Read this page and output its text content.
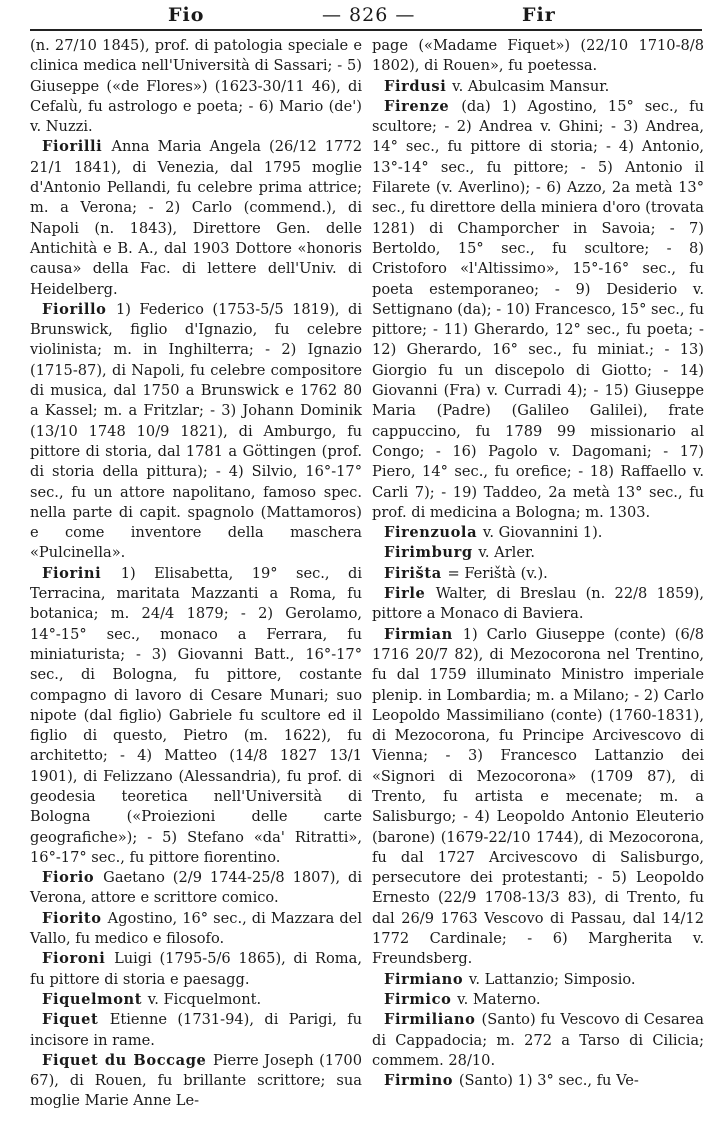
Fio	— 826 —	Fir

(n. 27/10 1845), prof. di patologia speciale e clinica medica nell'Università di Sassari; - 5) Giuseppe («de Flores») (1623-30/11 46), di Cefalù, fu astrologo e poeta; - 6) Mario (de') v. Nuzzi.

Fiorilli Anna Maria Angela (26/12 1772 21/1 1841), di Venezia, dal 1795 moglie d'Antonio Pellandi, fu celebre prima attrice; m. a Verona; - 2) Carlo (commend.), di Napoli (n. 1843), Direttore Gen. delle Antichità e B. A., dal 1903 Dottore «honoris causa» della Fac. di lettere dell'Univ. di Heidelberg.

Fiorillo 1) Federico (1753-5/5 1819), di Brunswick, figlio d'Ignazio, fu celebre violinista; m. in Inghilterra; - 2) Ignazio (1715-87), di Napoli, fu celebre compositore di musica, dal 1750 a Brunswick e 1762 80 a Kassel; m. a Fritzlar; - 3) Johann Dominik (13/10 1748 10/9 1821), di Amburgo, fu pittore di storia, dal 1781 a Göttingen (prof. di storia della pittura); - 4) Silvio, 16°-17° sec., fu un attore napolitano, famoso spec. nella parte di capit. spagnolo (Mattamoros) e come inventore della maschera «Pulcinella».

Fiorini 1) Elisabetta, 19° sec., di Terracina, maritata Mazzanti a Roma, fu botanica; m. 24/4 1879; - 2) Gerolamo, 14°-15° sec., monaco a Ferrara, fu miniaturista; - 3) Giovanni Batt., 16°-17° sec., di Bologna, fu pittore, costante compagno di lavoro di Cesare Munari; suo nipote (dal figlio) Gabriele fu scultore ed il figlio di questo, Pietro (m. 1622), fu architetto; - 4) Matteo (14/8 1827 13/1 1901), di Felizzano (Alessandria), fu prof. di geodesia teoretica nell'Università di Bologna («Proiezioni delle carte geografiche»); - 5) Stefano «da' Ritratti», 16°-17° sec., fu pittore fiorentino.

Fiorio Gaetano (2/9 1744-25/8 1807), di Verona, attore e scrittore comico.

Fiorito Agostino, 16° sec., di Mazzara del Vallo, fu medico e filosofo.

Fioroni Luigi (1795-5/6 1865), di Roma, fu pittore di storia e paesagg.

Fiquelmont v. Ficquelmont.

Fiquet Etienne (1731-94), di Parigi, fu incisore in rame.

Fiquet du Boccage Pierre Joseph (1700 67), di Rouen, fu brillante scrittore; sua moglie Marie Anne Le-

page («Madame Fiquet») (22/10 1710-8/8 1802), di Rouen», fu poetessa.

Firdusi v. Abulcasim Mansur.

Firenze (da) 1) Agostino, 15° sec., fu scultore; - 2) Andrea v. Ghini; - 3) Andrea, 14° sec., fu pittore di storia; - 4) Antonio, 13°-14° sec., fu pittore; - 5) Antonio il Filarete (v. Averlino); - 6) Azzo, 2a metà 13° sec., fu direttore della miniera d'oro (trovata 1281) di Champorcher in Savoia; - 7) Bertoldo, 15° sec., fu scultore; - 8) Cristoforo «l'Altissimo», 15°-16° sec., fu poeta estemporaneo; - 9) Desiderio v. Settignano (da); - 10) Francesco, 15° sec., fu pittore; - 11) Gherardo, 12° sec., fu poeta; - 12) Gherardo, 16° sec., fu miniat.; - 13) Giorgio fu un discepolo di Giotto; - 14) Giovanni (Fra) v. Curradi 4); - 15) Giuseppe Maria (Padre) (Galileo Galilei), frate cappuccino, fu 1789 99 missionario al Congo; - 16) Pagolo v. Dagomani; - 17) Piero, 14° sec., fu orefice; - 18) Raffaello v. Carli 7); - 19) Taddeo, 2a metà 13° sec., fu prof. di medicina a Bologna; m. 1303.

Firenzuola v. Giovannini 1).

Firimburg v. Arler.

Firišta = Ferištà (v.).

Firle Walter, di Breslau (n. 22/8 1859), pittore a Monaco di Baviera.

Firmian 1) Carlo Giuseppe (conte) (6/8 1716 20/7 82), di Mezocorona nel Trentino, fu dal 1759 illuminato Ministro imperiale plenip. in Lombardia; m. a Milano; - 2) Carlo Leopoldo Massimiliano (conte) (1760-1831), di Mezocorona, fu Principe Arcivescovo di Vienna; - 3) Francesco Lattanzio dei «Signori di Mezocorona» (1709 87), di Trento, fu artista e mecenate; m. a Salisburgo; - 4) Leopoldo Antonio Eleuterio (barone) (1679-22/10 1744), di Mezocorona, fu dal 1727 Arcivescovo di Salisburgo, persecutore dei protestanti; - 5) Leopoldo Ernesto (22/9 1708-13/3 83), di Trento, fu dal 26/9 1763 Vescovo di Passau, dal 14/12 1772 Cardinale; - 6) Margherita v. Freundsberg.

Firmiano v. Lattanzio; Simposio.

Firmico v. Materno.

Firmiliano (Santo) fu Vescovo di Cesarea di Cappadocia; m. 272 a Tarso di Cilicia; commem. 28/10.

Firmino (Santo) 1) 3° sec., fu Ve-
